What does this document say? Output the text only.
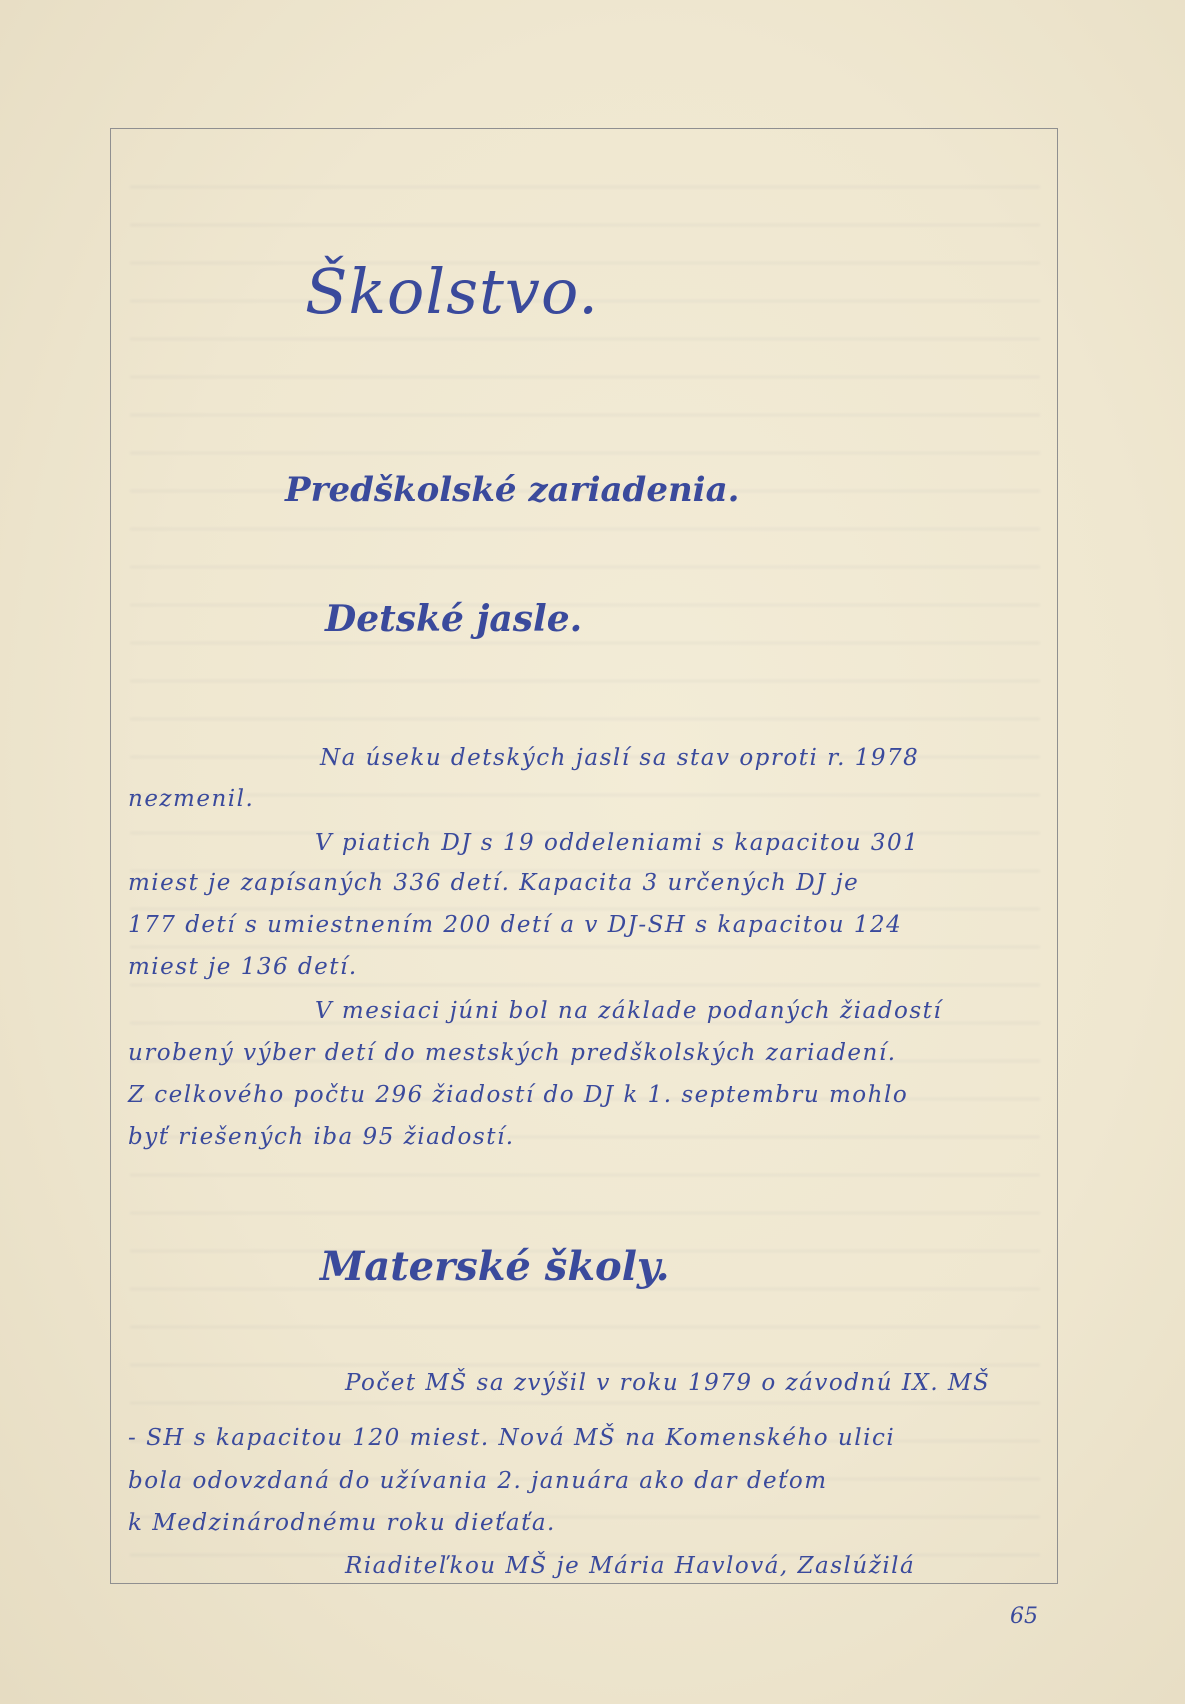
Školstvo.
Predškolské zariadenia.
Detské jasle.

Na úseku detských jaslí sa stav oproti r. 1978

nezmenil.

V piatich DJ s 19 oddeleniami s kapacitou 301

miest je zapísaných 336 detí. Kapacita 3 určených DJ je

177 detí s umiestnením 200 detí a v DJ-SH s kapacitou 124

miest je 136 detí.

V mesiaci júni bol na základe podaných žiadostí

urobený výber detí do mestských predškolských zariadení.

Z celkového počtu 296 žiadostí do DJ k 1. septembru mohlo

byť riešených iba 95 žiadostí.

Materské školy.

Počet MŠ sa zvýšil v roku 1979 o závodnú IX. MŠ

- SH s kapacitou 120 miest. Nová MŠ na Komenského ulici

bola odovzdaná do užívania 2. januára ako dar deťom

k Medzinárodnému roku dieťaťa.

Riaditeľkou MŠ je Mária Havlová, Zaslúžilá

65
